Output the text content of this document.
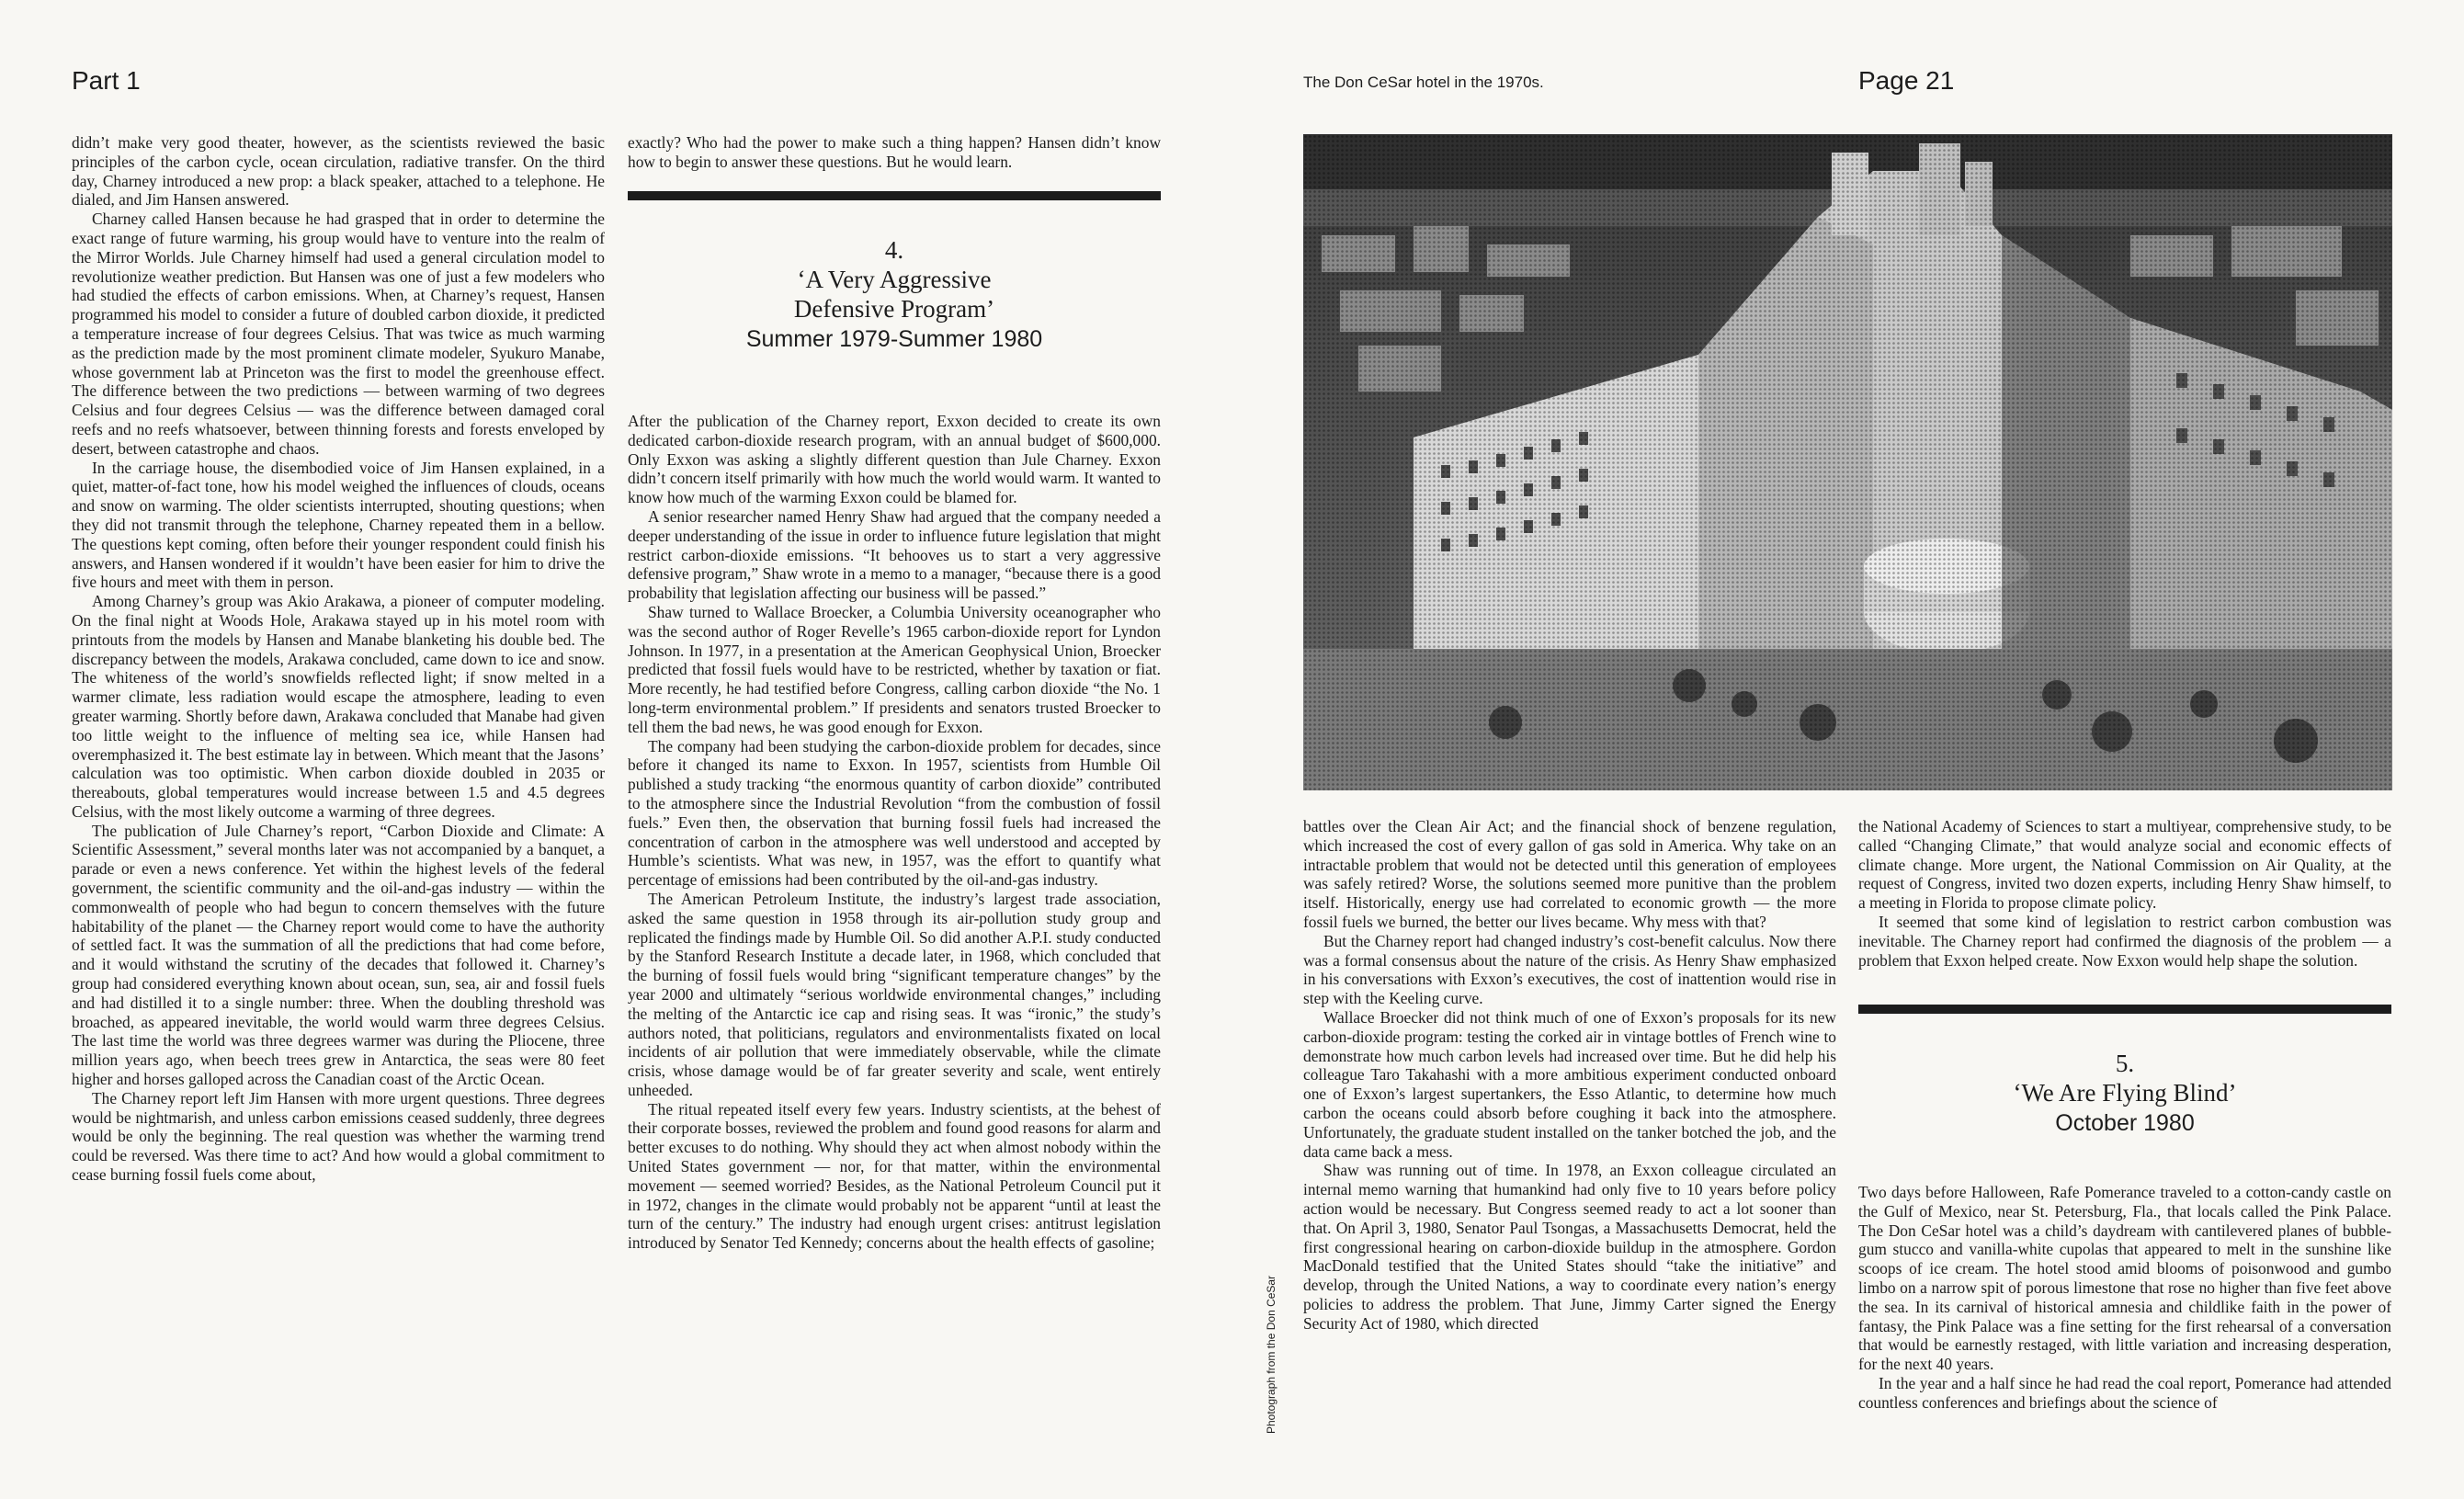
Part 1	The Don CeSar hotel in the 1970s.	Page 21

didn’t make very good theater, however, as the scientists reviewed the basic principles of the carbon cycle, ocean circulation, radiative transfer. On the third day, Charney introduced a new prop: a black speaker, attached to a telephone. He dialed, and Jim Hansen answered.

Charney called Hansen because he had grasped that in order to determine the exact range of future warming, his group would have to venture into the realm of the Mirror Worlds. Jule Charney himself had used a general circulation model to revolutionize weather prediction. But Hansen was one of just a few modelers who had studied the effects of carbon emissions. When, at Charney’s request, Hansen programmed his model to consider a future of doubled carbon dioxide, it predicted a temperature increase of four degrees Celsius. That was twice as much warming as the prediction made by the most prominent climate modeler, Syukuro Manabe, whose government lab at Princeton was the first to model the greenhouse effect. The difference between the two predictions — between warming of two degrees Celsius and four degrees Celsius — was the difference between damaged coral reefs and no reefs whatsoever, between thinning forests and forests enveloped by desert, between catastrophe and chaos.

In the carriage house, the disembodied voice of Jim Hansen explained, in a quiet, matter-of-fact tone, how his model weighed the influences of clouds, oceans and snow on warming. The older scientists interrupted, shouting questions; when they did not transmit through the telephone, Charney repeated them in a bellow. The questions kept coming, often before their younger respondent could finish his answers, and Hansen wondered if it wouldn’t have been easier for him to drive the five hours and meet with them in person.

Among Charney’s group was Akio Arakawa, a pioneer of computer modeling. On the final night at Woods Hole, Arakawa stayed up in his motel room with printouts from the models by Hansen and Manabe blanketing his double bed. The discrepancy between the models, Arakawa concluded, came down to ice and snow. The whiteness of the world’s snowfields reflected light; if snow melted in a warmer climate, less radiation would escape the atmosphere, leading to even greater warming. Shortly before dawn, Arakawa concluded that Manabe had given too little weight to the influence of melting sea ice, while Hansen had overemphasized it. The best estimate lay in between. Which meant that the Jasons’ calculation was too optimistic. When carbon dioxide doubled in 2035 or thereabouts, global temperatures would increase between 1.5 and 4.5 degrees Celsius, with the most likely outcome a warming of three degrees.

The publication of Jule Charney’s report, “Carbon Dioxide and Climate: A Scientific Assessment,” several months later was not accompanied by a banquet, a parade or even a news conference. Yet within the highest levels of the federal government, the scientific community and the oil-and-gas industry — within the commonwealth of people who had begun to concern themselves with the future habitability of the planet — the Charney report would come to have the authority of settled fact. It was the summation of all the predictions that had come before, and it would withstand the scrutiny of the decades that followed it. Charney’s group had considered everything known about ocean, sun, sea, air and fossil fuels and had distilled it to a single number: three. When the doubling threshold was broached, as appeared inevitable, the world would warm three degrees Celsius. The last time the world was three degrees warmer was during the Pliocene, three million years ago, when beech trees grew in Antarctica, the seas were 80 feet higher and horses galloped across the Canadian coast of the Arctic Ocean.

The Charney report left Jim Hansen with more urgent questions. Three degrees would be nightmarish, and unless carbon emissions ceased suddenly, three degrees would be only the beginning. The real question was whether the warming trend could be reversed. Was there time to act? And how would a global commitment to cease burning fossil fuels come about,

exactly? Who had the power to make such a thing happen? Hansen didn’t know how to begin to answer these questions. But he would learn.

4.
‘A Very Aggressive
Defensive Program’
Summer 1979-Summer 1980

After the publication of the Charney report, Exxon decided to create its own dedicated carbon-dioxide research program, with an annual budget of $600,000. Only Exxon was asking a slightly different question than Jule Charney. Exxon didn’t concern itself primarily with how much the world would warm. It wanted to know how much of the warming Exxon could be blamed for.

A senior researcher named Henry Shaw had argued that the company needed a deeper understanding of the issue in order to influence future legislation that might restrict carbon-dioxide emissions. “It behooves us to start a very aggressive defensive program,” Shaw wrote in a memo to a manager, “because there is a good probability that legislation affecting our business will be passed.”

Shaw turned to Wallace Broecker, a Columbia University oceanographer who was the second author of Roger Revelle’s 1965 carbon-dioxide report for Lyndon Johnson. In 1977, in a presentation at the American Geophysical Union, Broecker predicted that fossil fuels would have to be restricted, whether by taxation or fiat. More recently, he had testified before Congress, calling carbon dioxide “the No. 1 long-term environmental problem.” If presidents and senators trusted Broecker to tell them the bad news, he was good enough for Exxon.

The company had been studying the carbon-dioxide problem for decades, since before it changed its name to Exxon. In 1957, scientists from Humble Oil published a study tracking “the enormous quantity of carbon dioxide” contributed to the atmosphere since the Industrial Revolution “from the combustion of fossil fuels.” Even then, the observation that burning fossil fuels had increased the concentration of carbon in the atmosphere was well understood and accepted by Humble’s scientists. What was new, in 1957, was the effort to quantify what percentage of emissions had been contributed by the oil-and-gas industry.

The American Petroleum Institute, the industry’s largest trade association, asked the same question in 1958 through its air-pollution study group and replicated the findings made by Humble Oil. So did another A.P.I. study conducted by the Stanford Research Institute a decade later, in 1968, which concluded that the burning of fossil fuels would bring “significant temperature changes” by the year 2000 and ultimately “serious worldwide environmental changes,” including the melting of the Antarctic ice cap and rising seas. It was “ironic,” the study’s authors noted, that politicians, regulators and environmentalists fixated on local incidents of air pollution that were immediately observable, while the climate crisis, whose damage would be of far greater severity and scale, went entirely unheeded.

The ritual repeated itself every few years. Industry scientists, at the behest of their corporate bosses, reviewed the problem and found good reasons for alarm and better excuses to do nothing. Why should they act when almost nobody within the United States government — nor, for that matter, within the environmental movement — seemed worried? Besides, as the National Petroleum Council put it in 1972, changes in the climate would probably not be apparent “until at least the turn of the century.” The industry had enough urgent crises: antitrust legislation introduced by Senator Ted Kennedy; concerns about the health effects of gasoline;

Photograph from the Don CeSar

battles over the Clean Air Act; and the financial shock of benzene regulation, which increased the cost of every gallon of gas sold in America. Why take on an intractable problem that would not be detected until this generation of employees was safely retired? Worse, the solutions seemed more punitive than the problem itself. Historically, energy use had correlated to economic growth — the more fossil fuels we burned, the better our lives became. Why mess with that?

But the Charney report had changed industry’s cost-benefit calculus. Now there was a formal consensus about the nature of the crisis. As Henry Shaw emphasized in his conversations with Exxon’s executives, the cost of inattention would rise in step with the Keeling curve.

Wallace Broecker did not think much of one of Exxon’s proposals for its new carbon-dioxide program: testing the corked air in vintage bottles of French wine to demonstrate how much carbon levels had increased over time. But he did help his colleague Taro Takahashi with a more ambitious experiment conducted onboard one of Exxon’s largest supertankers, the Esso Atlantic, to determine how much carbon the oceans could absorb before coughing it back into the atmosphere. Unfortunately, the graduate student installed on the tanker botched the job, and the data came back a mess.

Shaw was running out of time. In 1978, an Exxon colleague circulated an internal memo warning that humankind had only five to 10 years before policy action would be necessary. But Congress seemed ready to act a lot sooner than that. On April 3, 1980, Senator Paul Tsongas, a Massachusetts Democrat, held the first congressional hearing on carbon-dioxide buildup in the atmosphere. Gordon MacDonald testified that the United States should “take the initiative” and develop, through the United Nations, a way to coordinate every nation’s energy policies to address the problem. That June, Jimmy Carter signed the Energy Security Act of 1980, which directed

the National Academy of Sciences to start a multiyear, comprehensive study, to be called “Changing Climate,” that would analyze social and economic effects of climate change. More urgent, the National Commission on Air Quality, at the request of Congress, invited two dozen experts, including Henry Shaw himself, to a meeting in Florida to propose climate policy.

It seemed that some kind of legislation to restrict carbon combustion was inevitable. The Charney report had confirmed the diagnosis of the problem — a problem that Exxon helped create. Now Exxon would help shape the solution.

5.
‘We Are Flying Blind’
October 1980

Two days before Halloween, Rafe Pomerance traveled to a cotton-candy castle on the Gulf of Mexico, near St. Petersburg, Fla., that locals called the Pink Palace. The Don CeSar hotel was a child’s daydream with cantilevered planes of bubble-gum stucco and vanilla-white cupolas that appeared to melt in the sunshine like scoops of ice cream. The hotel stood amid blooms of poisonwood and gumbo limbo on a narrow spit of porous limestone that rose no higher than five feet above the sea. In its carnival of historical amnesia and childlike faith in the power of fantasy, the Pink Palace was a fine setting for the first rehearsal of a conversation that would be earnestly restaged, with little variation and increasing desperation, for the next 40 years.

In the year and a half since he had read the coal report, Pomerance had attended countless conferences and briefings about the science of
